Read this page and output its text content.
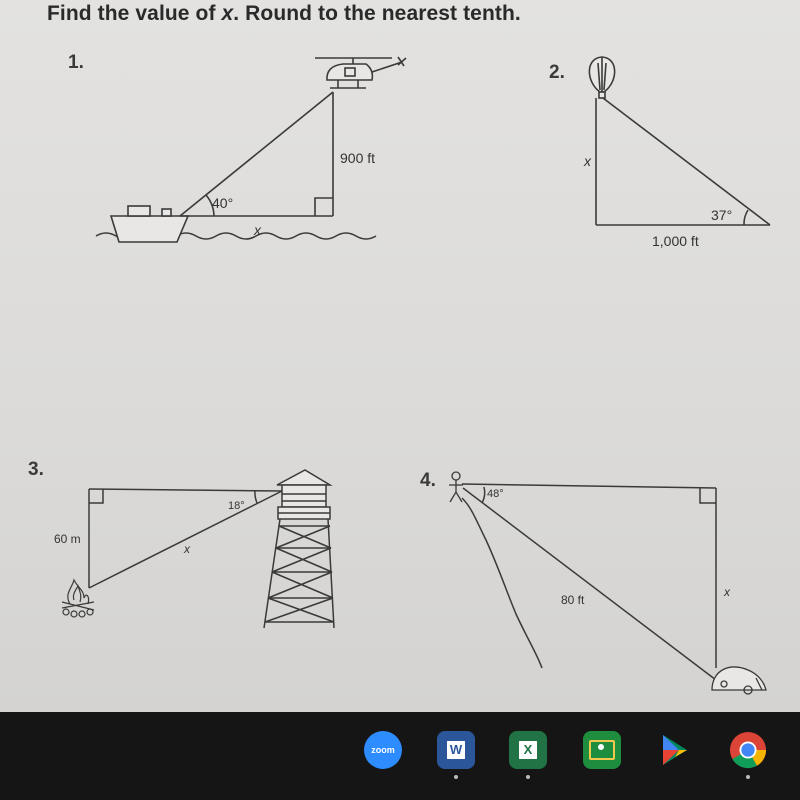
Find the value of x. Round to the nearest tenth.
1.	2.
3.
4.
900 ft
40°
x
x
37°
1,000 ft
18°
60 m
x
48°
80 ft
x
zoom	W	X
